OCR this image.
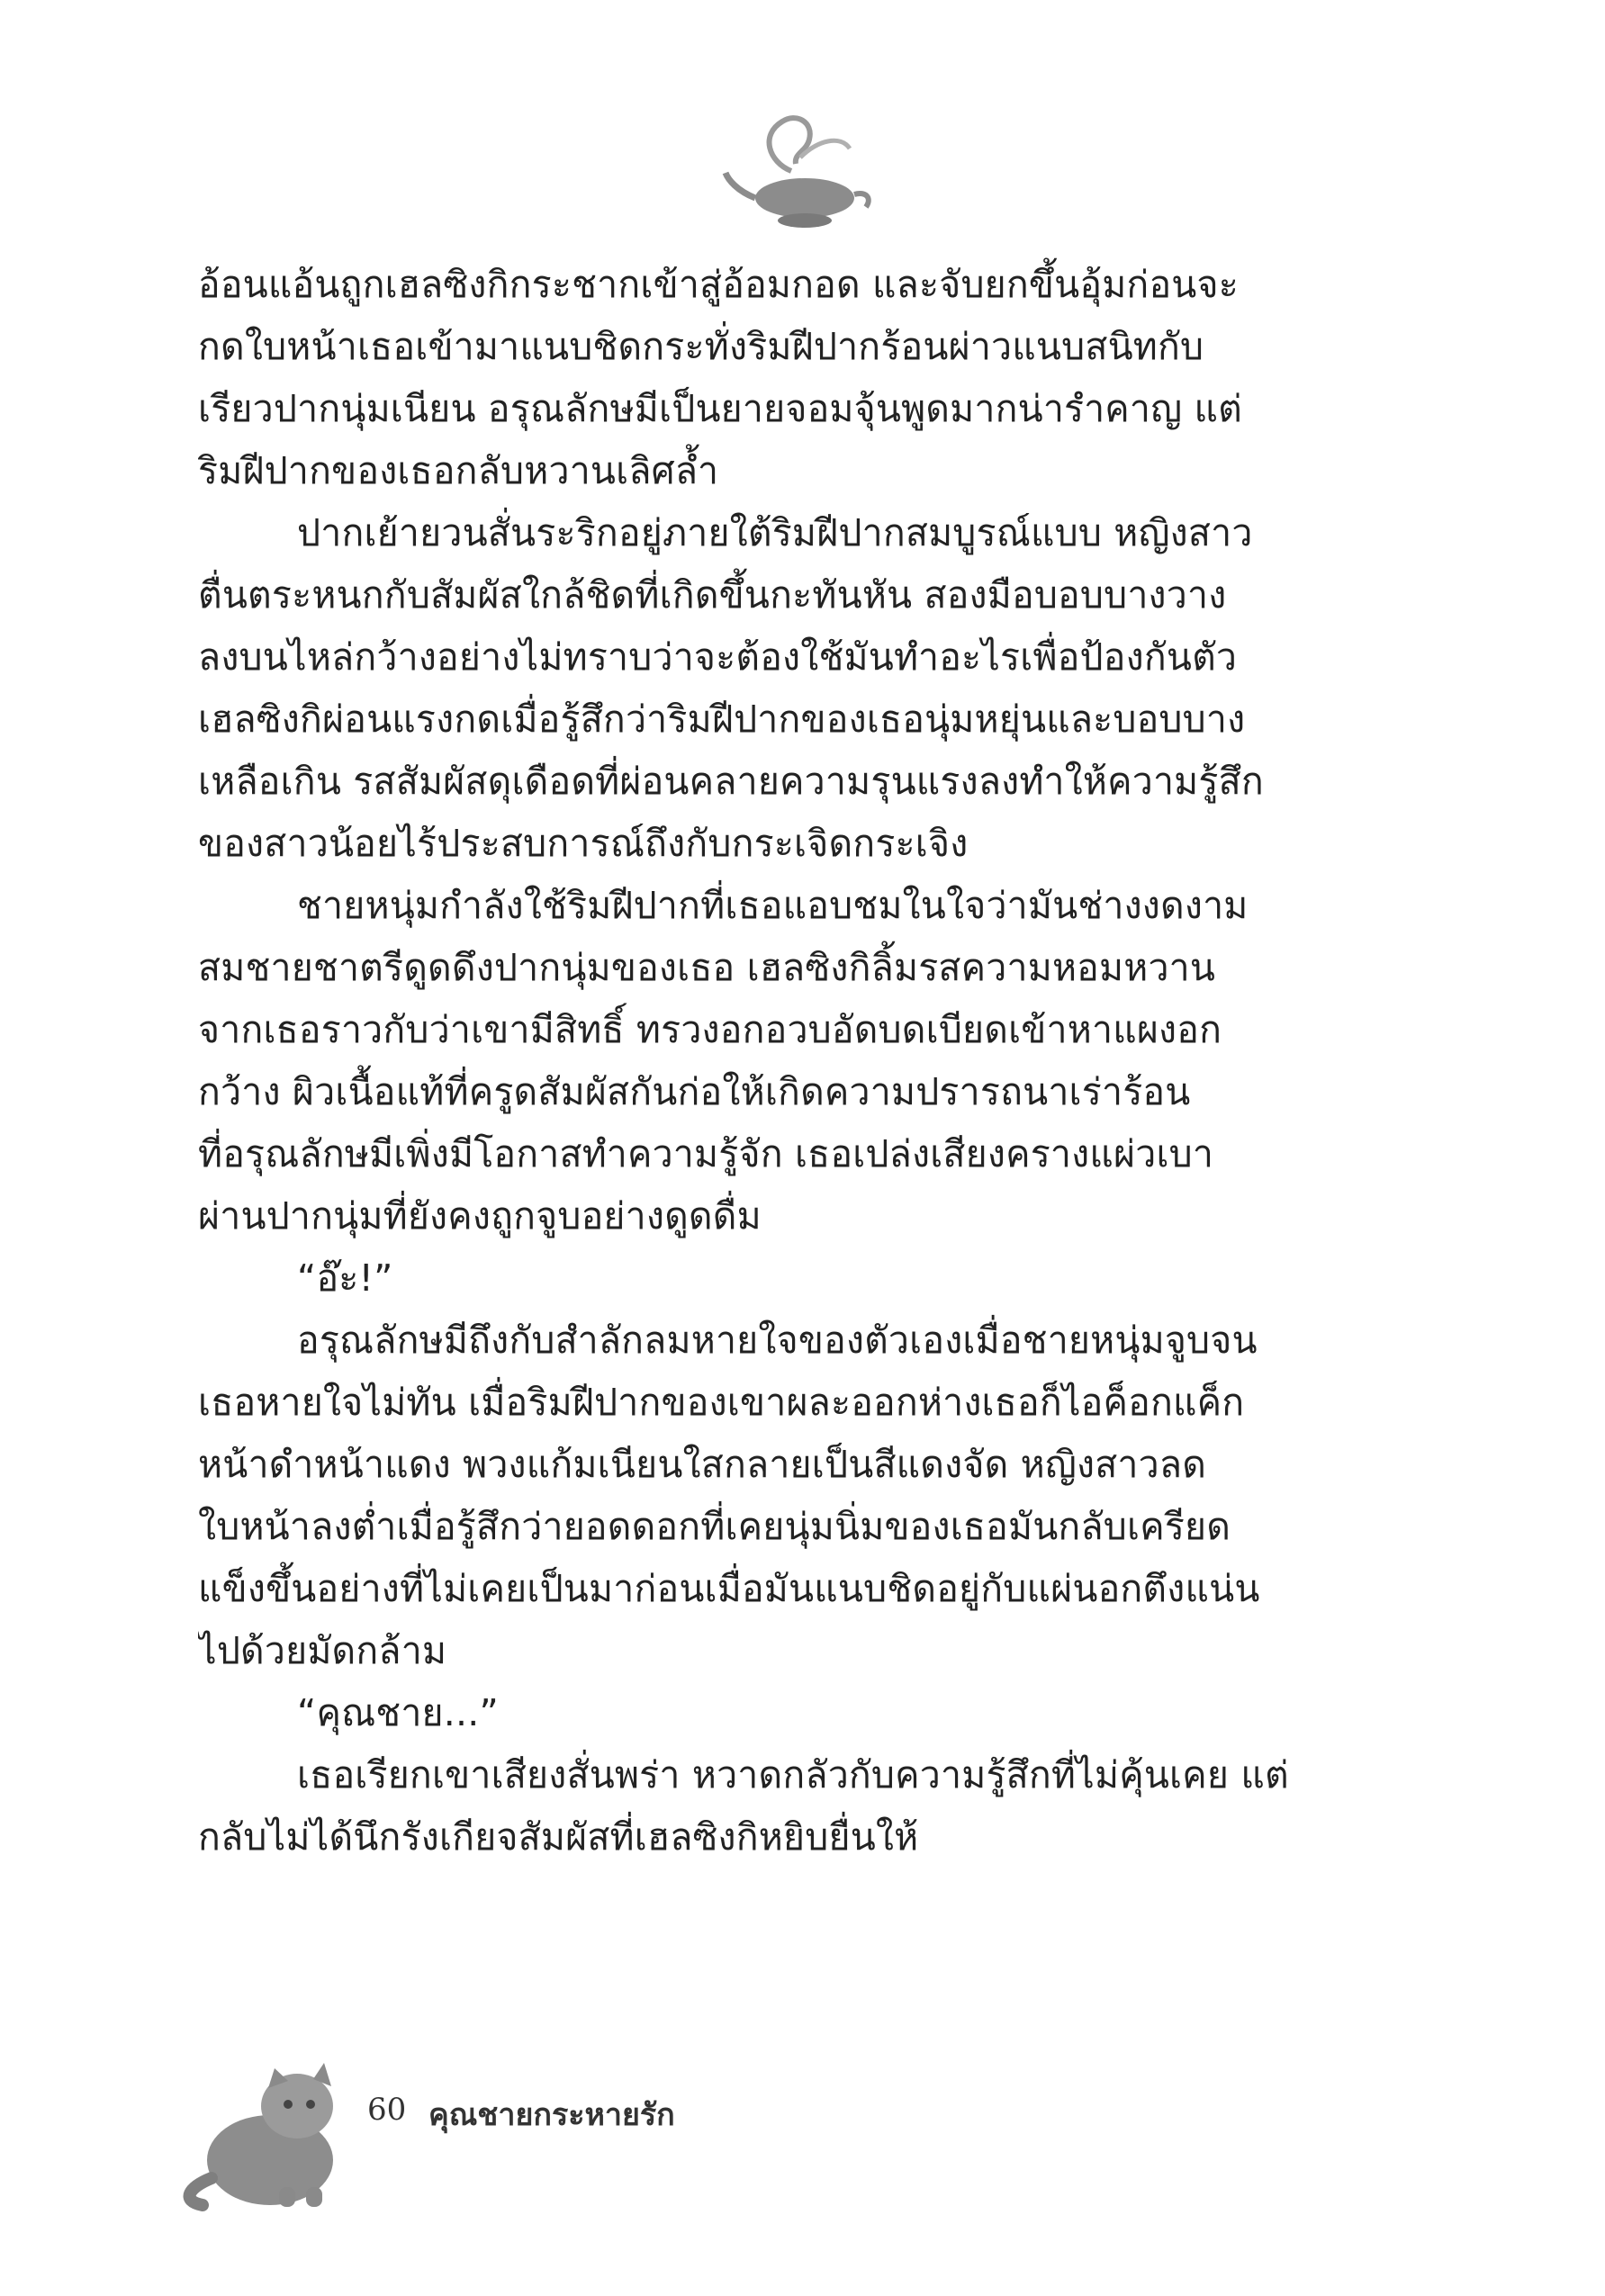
อ้อนแอ้นถูกเฮลซิงกิกระชากเข้าสู่อ้อมกอด และจับยกขึ้นอุ้มก่อนจะ
กดใบหน้าเธอเข้ามาแนบชิดกระทั่งริมฝีปากร้อนผ่าวแนบสนิทกับ
เรียวปากนุ่มเนียน อรุณลักษมีเป็นยายจอมจุ้นพูดมากน่ารำคาญ แต่
ริมฝีปากของเธอกลับหวานเลิศล้ำ
ปากเย้ายวนสั่นระริกอยู่ภายใต้ริมฝีปากสมบูรณ์แบบ หญิงสาว
ตื่นตระหนกกับสัมผัสใกล้ชิดที่เกิดขึ้นกะทันหัน สองมือบอบบางวาง
ลงบนไหล่กว้างอย่างไม่ทราบว่าจะต้องใช้มันทำอะไรเพื่อป้องกันตัว
เฮลซิงกิผ่อนแรงกดเมื่อรู้สึกว่าริมฝีปากของเธอนุ่มหยุ่นและบอบบาง
เหลือเกิน รสสัมผัสดุเดือดที่ผ่อนคลายความรุนแรงลงทำให้ความรู้สึก
ของสาวน้อยไร้ประสบการณ์ถึงกับกระเจิดกระเจิง
ชายหนุ่มกำลังใช้ริมฝีปากที่เธอแอบชมในใจว่ามันช่างงดงาม
สมชายชาตรีดูดดึงปากนุ่มของเธอ เฮลซิงกิลิ้มรสความหอมหวาน
จากเธอราวกับว่าเขามีสิทธิ์ ทรวงอกอวบอัดบดเบียดเข้าหาแผงอก
กว้าง ผิวเนื้อแท้ที่ครูดสัมผัสกันก่อให้เกิดความปรารถนาเร่าร้อน
ที่อรุณลักษมีเพิ่งมีโอกาสทำความรู้จัก เธอเปล่งเสียงครางแผ่วเบา
ผ่านปากนุ่มที่ยังคงถูกจูบอย่างดูดดื่ม
“อ๊ะ!”
อรุณลักษมีถึงกับสำลักลมหายใจของตัวเองเมื่อชายหนุ่มจูบจน
เธอหายใจไม่ทัน เมื่อริมฝีปากของเขาผละออกห่างเธอก็ไอค็อกแค็ก
หน้าดำหน้าแดง พวงแก้มเนียนใสกลายเป็นสีแดงจัด หญิงสาวลด
ใบหน้าลงต่ำเมื่อรู้สึกว่ายอดดอกที่เคยนุ่มนิ่มของเธอมันกลับเครียด
แข็งขึ้นอย่างที่ไม่เคยเป็นมาก่อนเมื่อมันแนบชิดอยู่กับแผ่นอกตึงแน่น
ไปด้วยมัดกล้าม
“คุณชาย...”
เธอเรียกเขาเสียงสั่นพร่า หวาดกลัวกับความรู้สึกที่ไม่คุ้นเคย แต่
กลับไม่ได้นึกรังเกียจสัมผัสที่เฮลซิงกิหยิบยื่นให้
60 คุณชายกระหายรัก
